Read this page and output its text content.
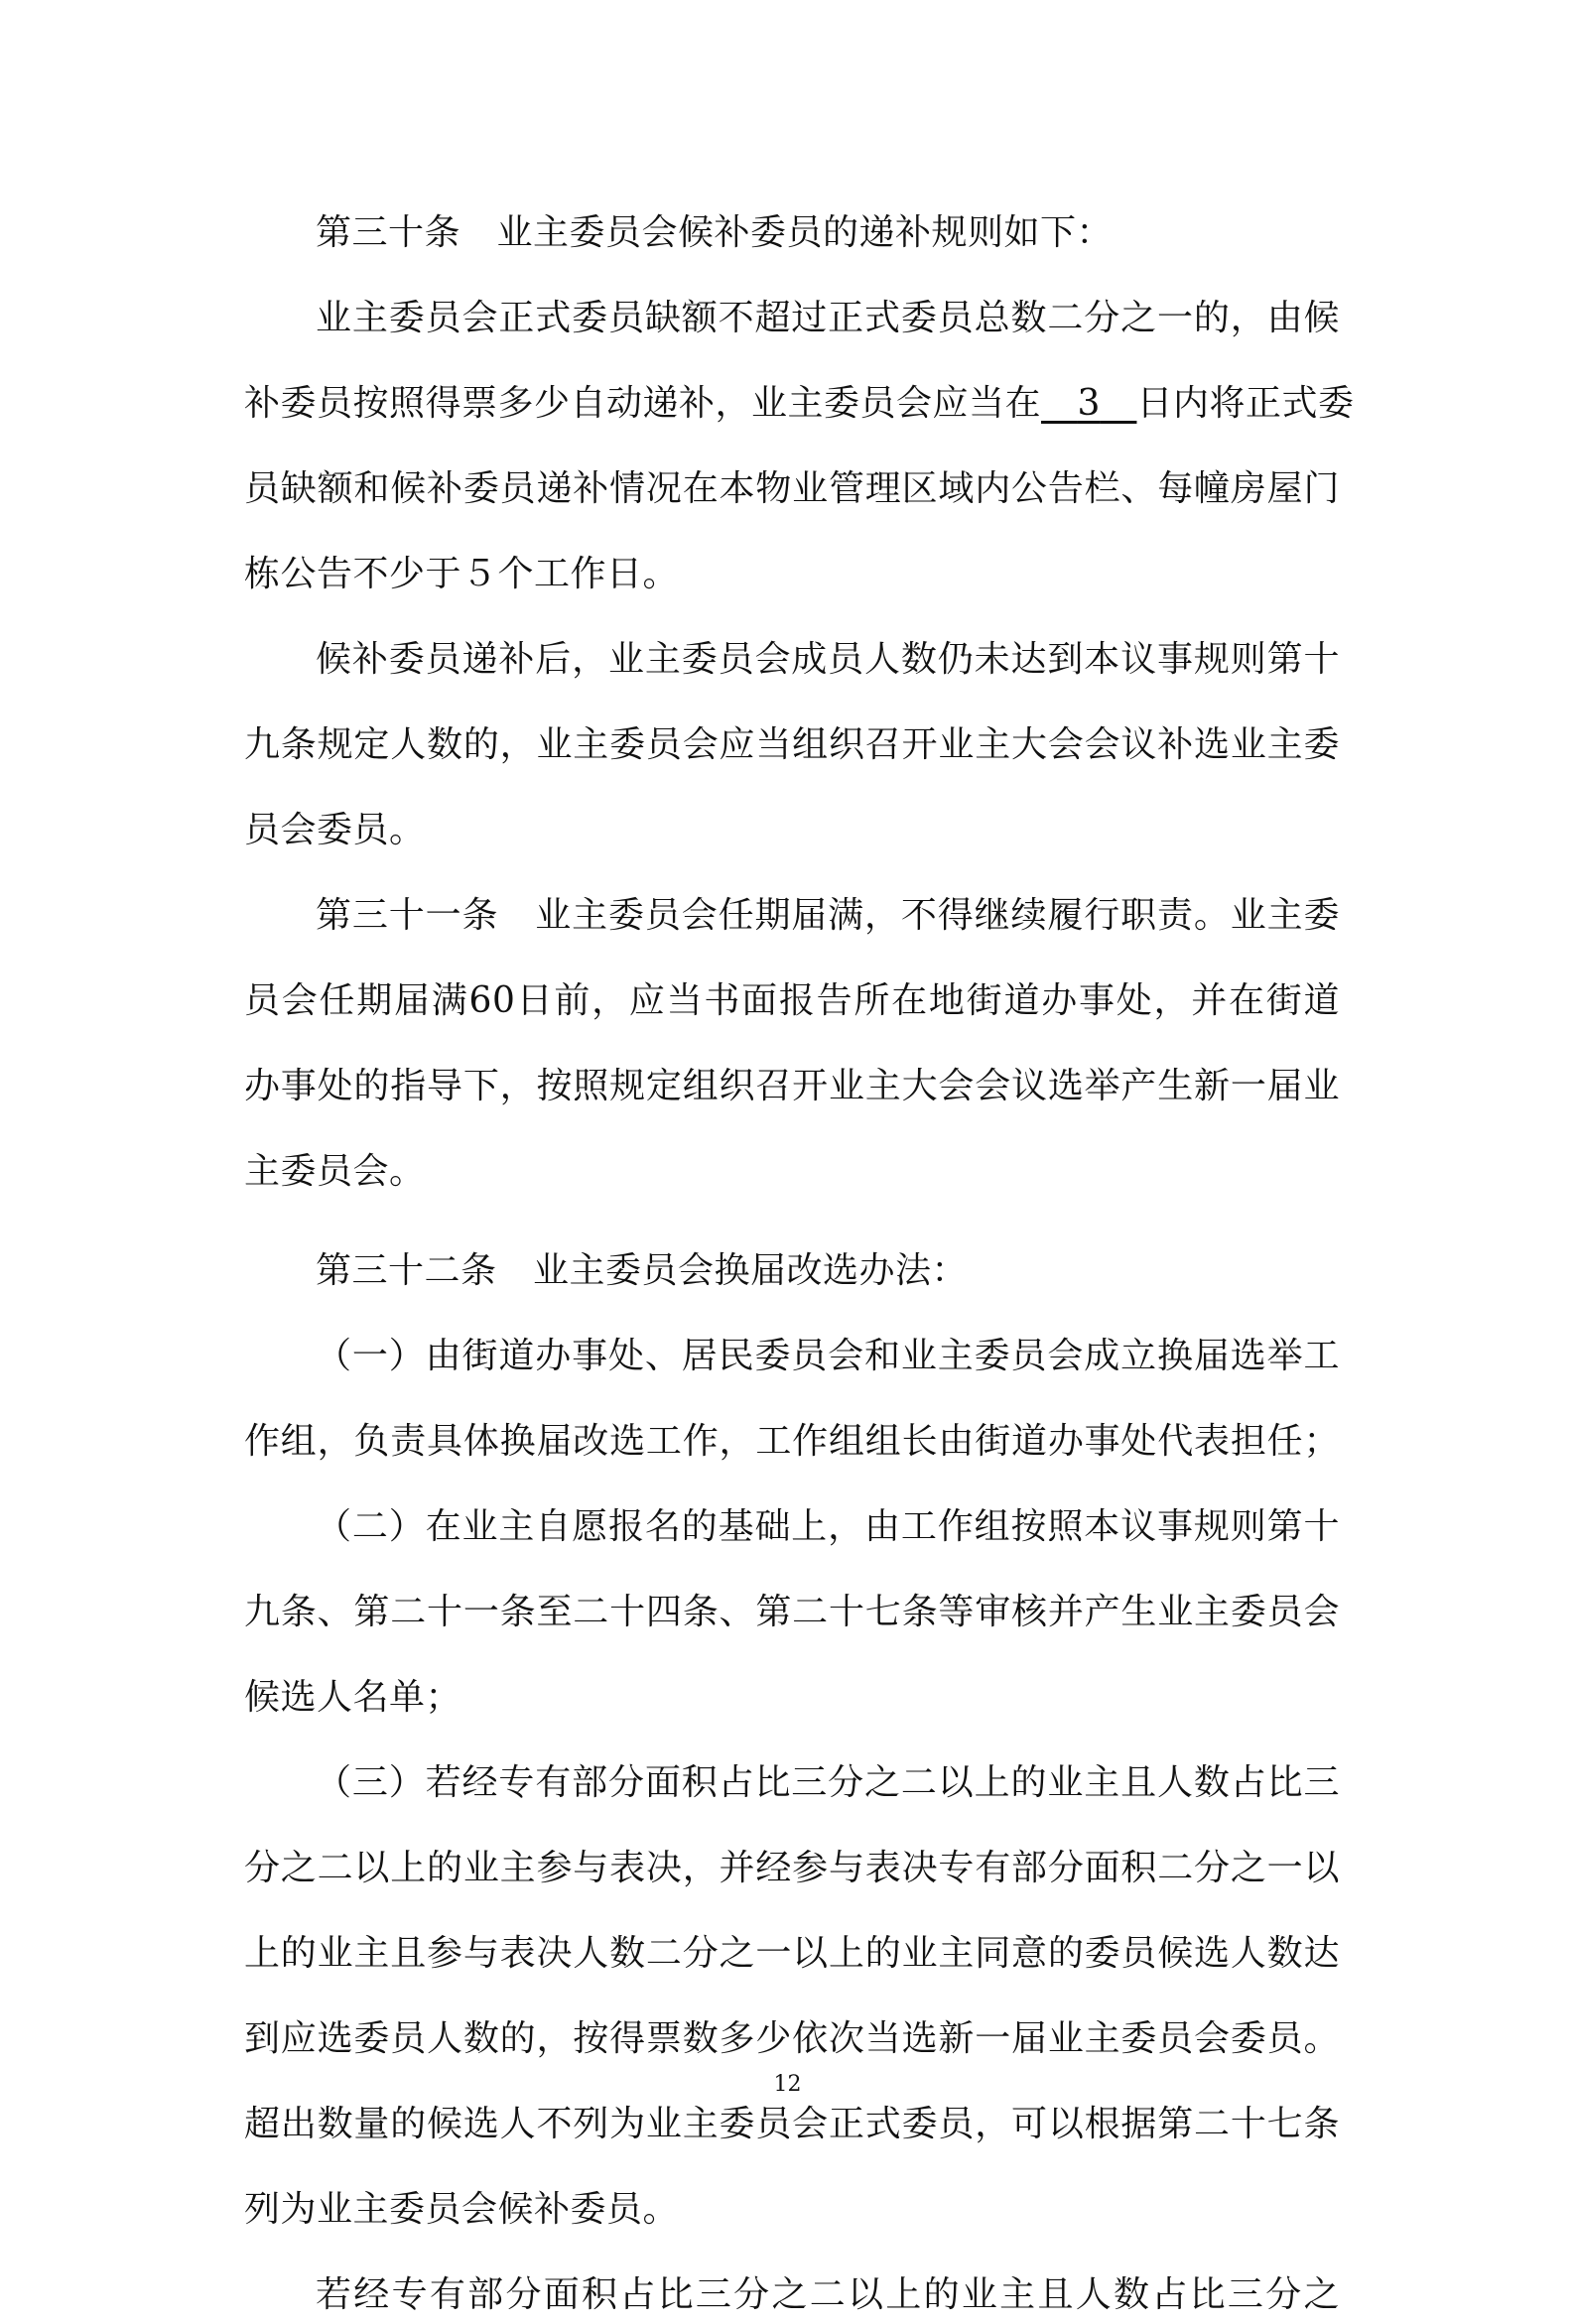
第三十条　业主委员会候补委员的递补规则如下：
业主委员会正式委员缺额不超过正式委员总数二分之一的，由候
补委员按照得票多少自动递补，业主委员会应当在　 3　 日内将正式委
员缺额和候补委员递补情况在本物业管理区域内公告栏、每幢房屋门
栋公告不少于５个工作日。
候补委员递补后，业主委员会成员人数仍未达到本议事规则第十
九条规定人数的，业主委员会应当组织召开业主大会会议补选业主委
员会委员。
第三十一条　业主委员会任期届满，不得继续履行职责。业主委
员会任期届满60日前，应当书面报告所在地街道办事处，并在街道
办事处的指导下，按照规定组织召开业主大会会议选举产生新一届业
主委员会。
第三十二条　业主委员会换届改选办法：
（一）由街道办事处、居民委员会和业主委员会成立换届选举工
作组，负责具体换届改选工作，工作组组长由街道办事处代表担任；
（二）在业主自愿报名的基础上，由工作组按照本议事规则第十
九条、第二十一条至二十四条、第二十七条等审核并产生业主委员会
候选人名单；
（三）若经专有部分面积占比三分之二以上的业主且人数占比三
分之二以上的业主参与表决，并经参与表决专有部分面积二分之一以
上的业主且参与表决人数二分之一以上的业主同意的委员候选人数达
到应选委员人数的，按得票数多少依次当选新一届业主委员会委员。
超出数量的候选人不列为业主委员会正式委员，可以根据第二十七条
列为业主委员会候补委员。
若经专有部分面积占比三分之二以上的业主且人数占比三分之
12
